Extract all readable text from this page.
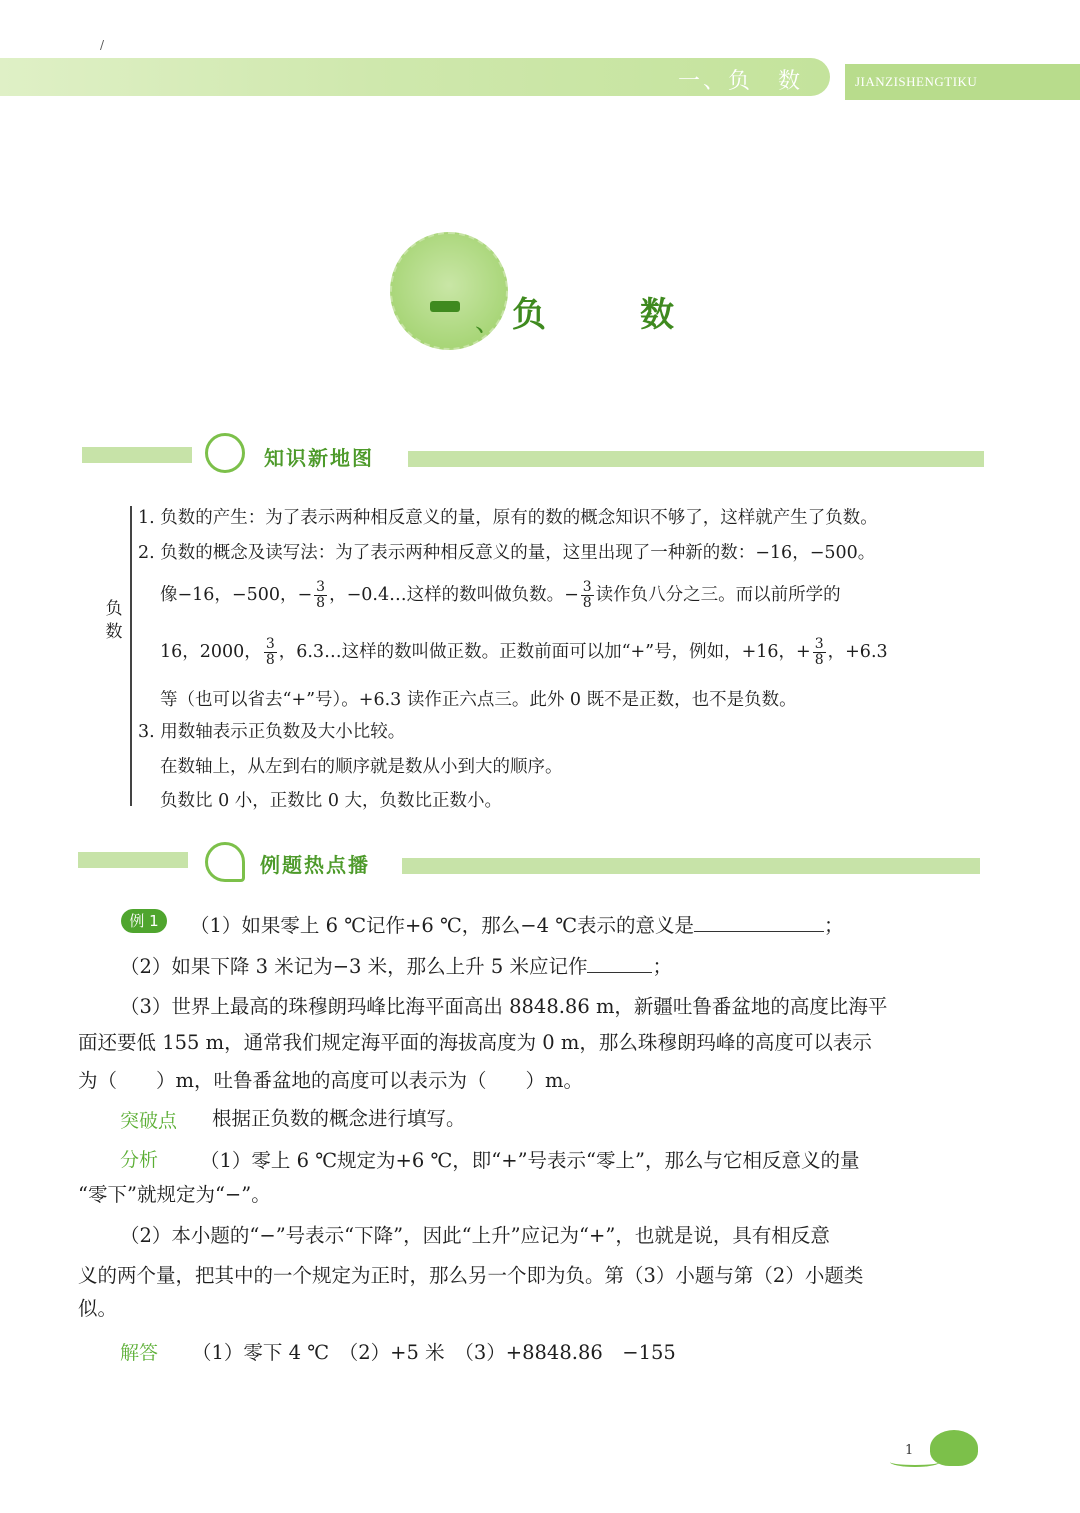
/
一、负　数	JIANZISHENGTIKU
、 负	数
知识新地图
负数
1. 负数的产生：为了表示两种相反意义的量，原有的数的概念知识不够了，这样就产生了负数。
2. 负数的概念及读写法：为了表示两种相反意义的量，这里出现了一种新的数：−16，−500。
像−16，−500，− $\frac{3}{8}$ ，−0.4…这样的数叫做负数。− $\frac{3}{8}$ 读作负八分之三。而以前所学的
16，2000， $\frac{3}{8}$ ，6.3…这样的数叫做正数。正数前面可以加“+”号，例如，+16，+ $\frac{3}{8}$ ，+6.3
等（也可以省去“+”号）。+6.3 读作正六点三。此外 0 既不是正数，也不是负数。
3. 用数轴表示正负数及大小比较。
在数轴上，从左到右的顺序就是数从小到大的顺序。
负数比 0 小，正数比 0 大，负数比正数小。
例题热点播
例 1	（1）如果零上 6 ℃记作+6 ℃，那么−4 ℃表示的意义是	；
（2）如果下降 3 米记为−3 米，那么上升 5 米应记作	；
（3）世界上最高的珠穆朗玛峰比海平面高出 8848.86 m，新疆吐鲁番盆地的高度比海平
面还要低 155 m，通常我们规定海平面的海拔高度为 0 m，那么珠穆朗玛峰的高度可以表示
为（　　）m，吐鲁番盆地的高度可以表示为（　　）m。
突破点 根据正负数的概念进行填写。
分析 （1）零上 6 ℃规定为+6 ℃，即“+”号表示“零上”，那么与它相反意义的量
“零下”就规定为“−”。
（2）本小题的“−”号表示“下降”，因此“上升”应记为“+”，也就是说，具有相反意
义的两个量，把其中的一个规定为正时，那么另一个即为负。第（3）小题与第（2）小题类
似。
解答 （1）零下 4 ℃　（2）+5 米　（3）+8848.86　−155
1
